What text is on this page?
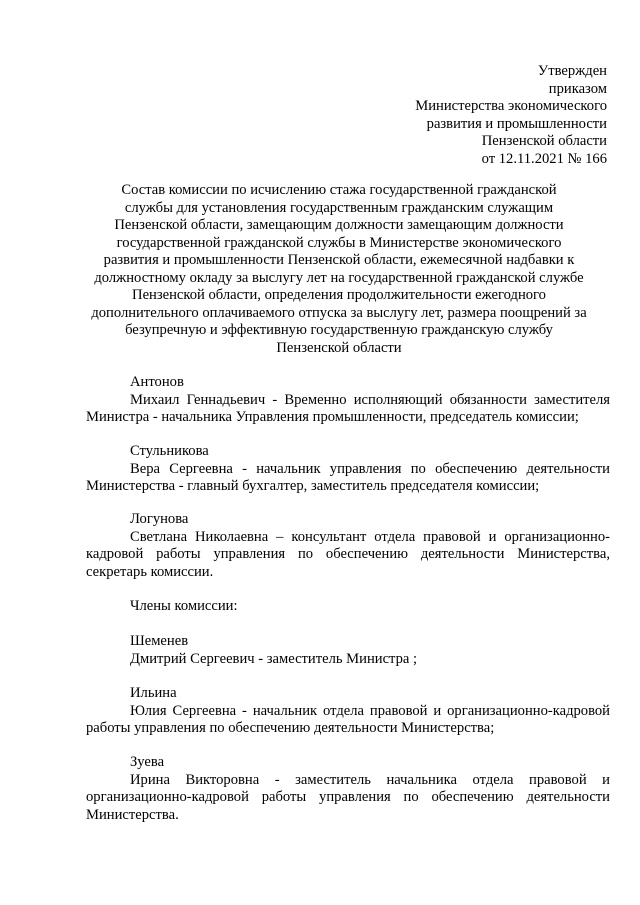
Утвержден
приказом
Министерства экономического
развития и промышленности
Пензенской области
от 12.11.2021 № 166
Состав комиссии по исчислению стажа государственной гражданской
службы для установления государственным гражданским служащим
Пензенской области, замещающим должности замещающим должности
государственной гражданской службы в Министерстве экономического
развития и промышленности Пензенской области, ежемесячной надбавки к
должностному окладу за выслугу лет на государственной гражданской службе
Пензенской области, определения продолжительности ежегодного
дополнительного оплачиваемого отпуска за выслугу лет, размера поощрений за
безупречную и эффективную государственную гражданскую службу
Пензенской области
Антонов
Михаил Геннадьевич - Временно исполняющий обязанности заместителя Министра - начальника Управления промышленности, председатель комиссии;
Стульникова
Вера Сергеевна - начальник управления по обеспечению деятельности Министерства - главный бухгалтер, заместитель председателя комиссии;
Логунова
Светлана Николаевна – консультант отдела правовой и организационно-кадровой работы управления по обеспечению деятельности Министерства, секретарь комиссии.
Члены комиссии:
Шеменев
Дмитрий Сергеевич - заместитель Министра ;
Ильина
Юлия Сергеевна - начальник отдела правовой и организационно-кадровой работы управления по обеспечению деятельности Министерства;
Зуева
Ирина Викторовна - заместитель начальника отдела правовой и организационно-кадровой работы управления по обеспечению деятельности Министерства.
